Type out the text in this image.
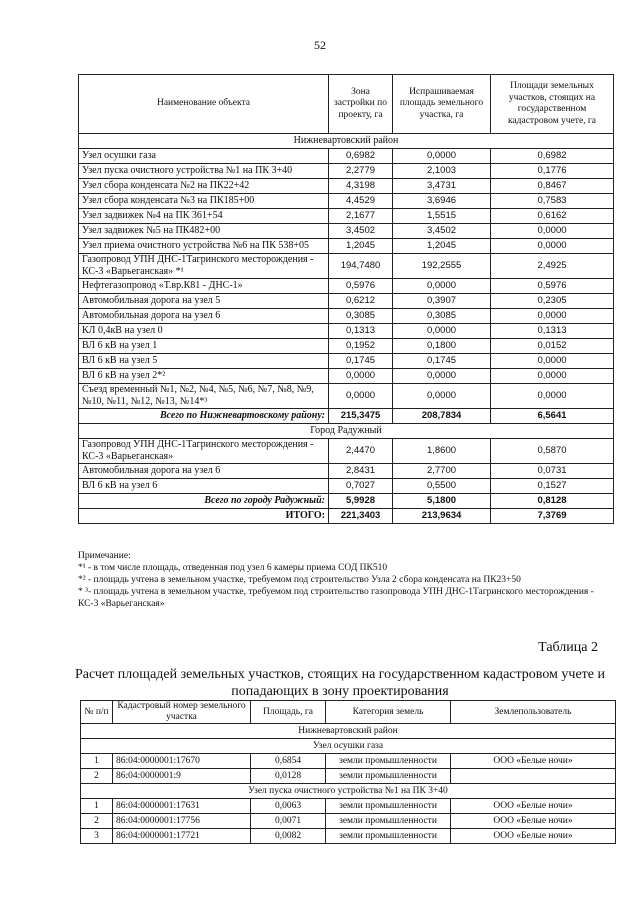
52
Наименование объекта	Зона застройки по проекту, га	Испрашиваемая площадь земельного участка, га	Площади земельных участков, стоящих на государственном кадастровом учете, га
Нижневартовский район			
Узел осушки газа	0,6982	0,0000	0,6982
Узел пуска очистного устройства №1 на ПК 3+40	2,2779	2,1003	0,1776
Узел сбора конденсата №2 на ПК22+42	4,3198	3,4731	0,8467
Узел сбора конденсата №3 на ПК185+00	4,4529	3,6946	0,7583
Узел задвижек №4 на ПК 361+54	2,1677	1,5515	0,6162
Узел задвижек №5 на ПК482+00	3,4502	3,4502	0,0000
Узел приема очистного устройства №6 на ПК 538+05	1,2045	1,2045	0,0000
Газопровод УПН ДНС-1Тагринского месторождения - КС-3 «Варьеганская» *¹	194,7480	192,2555	2,4925
Нефтегазопровод «Т.вр.К81 - ДНС-1»	0,5976	0,0000	0,5976
Автомобильная дорога на узел 5	0,6212	0,3907	0,2305
Автомобильная дорога на узел 6	0,3085	0,3085	0,0000
КЛ 0,4кВ на узел 0	0,1313	0,0000	0,1313
ВЛ 6 кВ на узел 1	0,1952	0,1800	0,0152
ВЛ 6 кВ на узел 5	0,1745	0,1745	0,0000
ВЛ 6 кВ на узел 2*²	0,0000	0,0000	0,0000
Съезд временный №1, №2, №4, №5, №6, №7, №8, №9, №10, №11, №12, №13, №14*³	0,0000	0,0000	0,0000
Всего по Нижневартовскому району:	215,3475	208,7834	6,5641
Город Радужный			
Газопровод УПН ДНС-1Тагринского месторождения - КС-3 «Варьеганская»	2,4470	1,8600	0,5870
Автомобильная дорога на узел 6	2,8431	2,7700	0,0731
ВЛ 6 кВ на узел 6	0,7027	0,5500	0,1527
Всего по городу Радужный:	5,9928	5,1800	0,8128
ИТОГО:	221,3403	213,9634	7,3769
Примечание:
*¹ - в том числе площадь, отведенная под узел 6 камеры приема СОД ПК510
*² - площадь учтена в земельном участке, требуемом под строительство Узла 2 сбора конденсата на ПК23+50
* ³- площадь учтена в земельном участке, требуемом под строительство газопровода УПН ДНС-1Тагринского месторождения - КС-3 «Варьеганская»
Таблица 2
Расчет площадей земельных участков, стоящих на государственном кадастровом учете и попадающих в зону проектирования
№ п/п	Кадастровый номер земельного участка	Площадь, га	Категория земель	Землепользователь
Нижневартовский район				
Узел осушки газа				
1	86:04:0000001:17670	0,6854	земли промышленности	ООО «Белые ночи»
2	86:04:0000001:9	0,0128	земли промышленности	
Узел пуска очистного устройства №1 на ПК 3+40				
1	86:04:0000001:17631	0,0063	земли промышленности	ООО «Белые ночи»
2	86:04:0000001:17756	0,0071	земли промышленности	ООО «Белые ночи»
3	86:04:0000001:17721	0,0082	земли промышленности	ООО «Белые ночи»
